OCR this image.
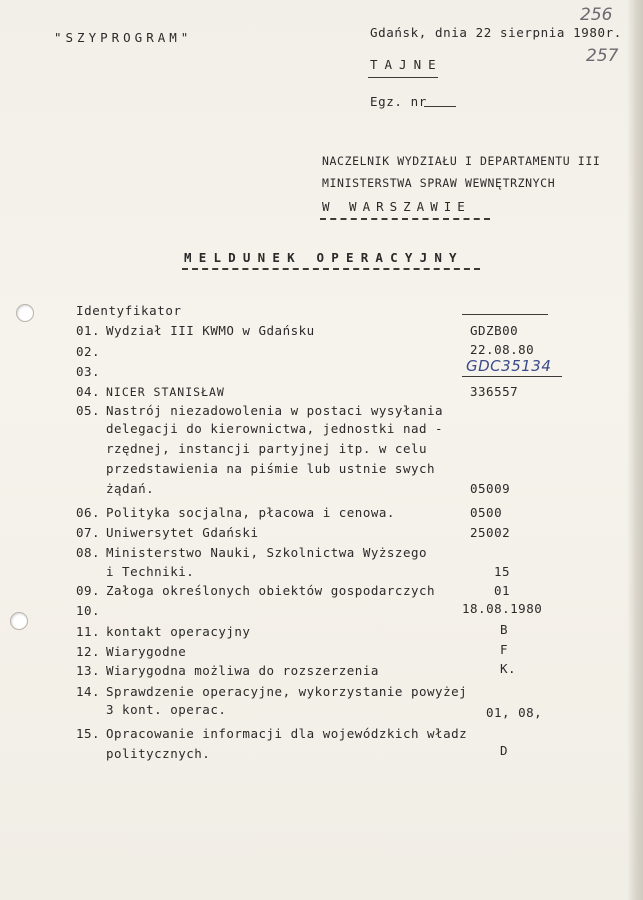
"SZYPROGRAM"	Gdańsk, dnia 22 sierpnia 1980r.
256
257
TAJNE
Egz. nr
NACZELNIK WYDZIAŁU I DEPARTAMENTU III
MINISTERSTWA SPRAW WEWNĘTRZNYCH
W WARSZAWIE
MELDUNEK OPERACYJNY
Identyfikator
01. Wydział III KWMO w Gdańsku	GDZB00
02.	22.08.80
03.	GDC35134
04. NICER STANISŁAW	336557
05. Nastrój niezadowolenia w postaci wysyłania
delegacji do kierownictwa, jednostki nad -
rzędnej, instancji partyjnej itp. w celu
przedstawienia na piśmie lub ustnie swych
żądań.	05009
06. Polityka socjalna, płacowa i cenowa.	0500
07. Uniwersytet Gdański	25002
08. Ministerstwo Nauki, Szkolnictwa Wyższego
i Techniki.	15
09. Załoga określonych obiektów gospodarczych	01
10.	18.08.1980
11. kontakt operacyjny	B
12. Wiarygodne	F
13. Wiarygodna możliwa do rozszerzenia	K.
14. Sprawdzenie operacyjne, wykorzystanie powyżej
3 kont. operac.	01, 08,
15. Opracowanie informacji dla wojewódzkich władz
politycznych.	D
